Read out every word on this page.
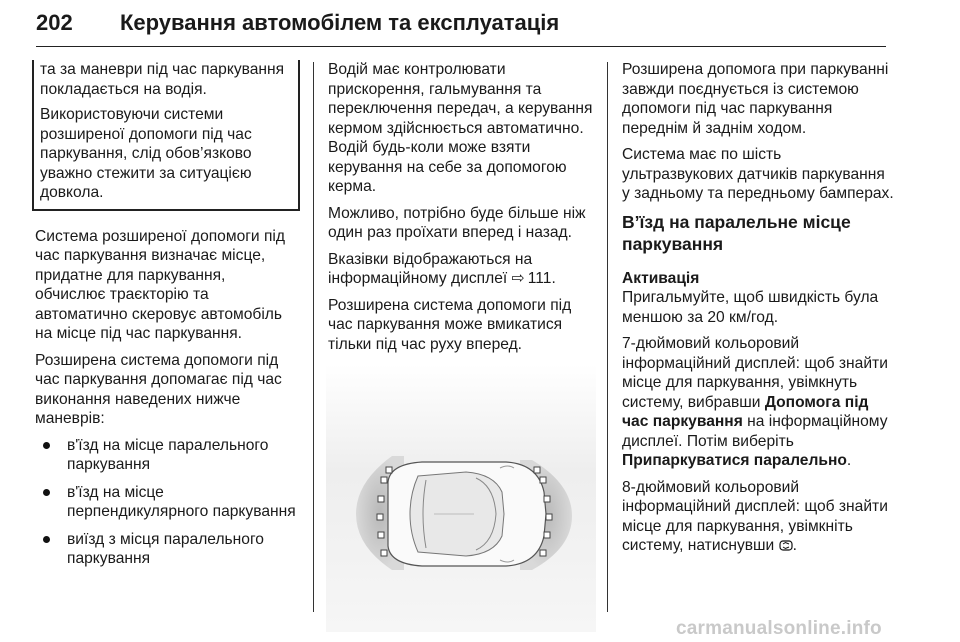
202 Керування автомобілем та експлуатація

та за маневри під час паркування покладається на водія.

Використовуючи системи розширеної допомоги під час паркування, слід обов’язково уважно стежити за ситуацією довкола.

Система розширеної допомоги під час паркування визначає місце, придатне для паркування, обчислює траєкторію та автоматично скеровує автомобіль на місце під час паркування.

Розширена система допомоги під час паркування допомагає під час виконання наведених нижче маневрів:

в'їзд на місце паралельного паркування
в'їзд на місце перпендикулярного паркування
виїзд з місця паралельного паркування

Водій має контролювати прискорення, гальмування та переключення передач, а керування кермом здійснюється автоматично. Водій будь-коли може взяти керування на себе за допомогою керма.

Можливо, потрібно буде більше ніж один раз проїхати вперед і назад.

Вказівки відображаються на інформаційному дисплеї ⇨  111.

Розширена система допомоги під час паркування може вмикатися тільки під час руху вперед.

Розширена допомога при паркуванні завжди поєднується із системою допомоги під час паркування переднім й заднім ходом.

Система має по шість ультразвукових датчиків паркування у задньому та передньому бамперах.

В’їзд на паралельне місце паркування
Активація

Пригальмуйте, щоб швидкість була меншою за 20 км/год.

7-дюймовий кольоровий інформаційний дисплей: щоб знайти місце для паркування, увімкнуть систему, вибравши Допомога під час паркування на інформаційному дисплеї. Потім виберіть Припаркуватися паралельно.

8-дюймовий кольоровий інформаційний дисплей: щоб знайти місце для паркування, увімкніть систему, натиснувши .

carmanualsonline.info
